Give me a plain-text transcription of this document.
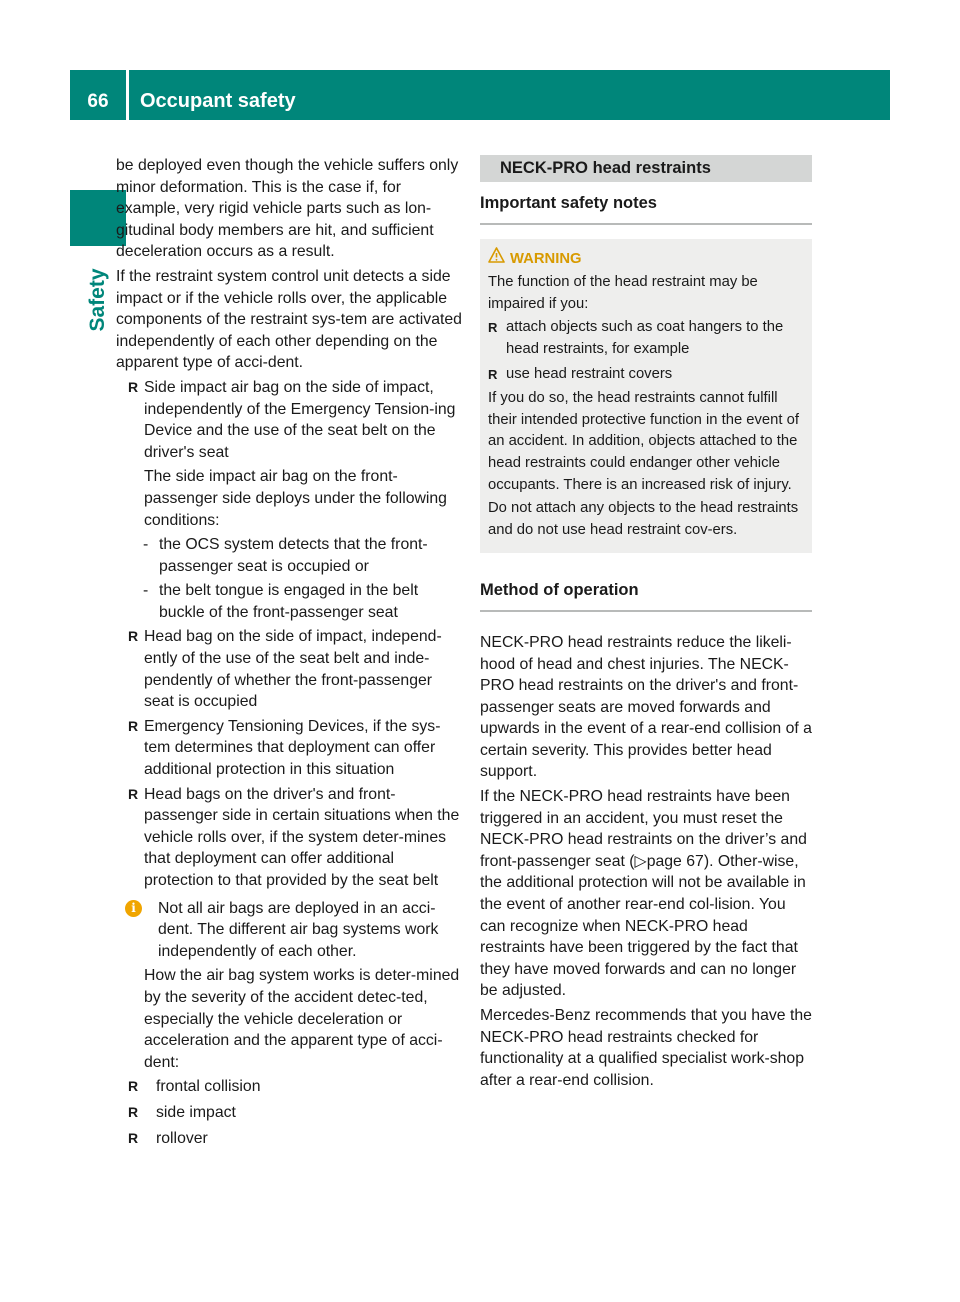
66	Occupant safety
Safety

be deployed even though the vehicle suffers only minor deformation. This is the case if, for example, very rigid vehicle parts such as lon-gitudinal body members are hit, and sufficient deceleration occurs as a result.

If the restraint system control unit detects a side impact or if the vehicle rolls over, the applicable components of the restraint sys-tem are activated independently of each other depending on the apparent type of acci-dent.

R Side impact air bag on the side of impact, independently of the Emergency Tension-ing Device and the use of the seat belt on the driver's seat

The side impact air bag on the front-passenger side deploys under the following conditions:

- the OCS system detects that the front-passenger seat is occupied or
- the belt tongue is engaged in the belt buckle of the front-passenger seat
R Head bag on the side of impact, independ-ently of the use of the seat belt and inde-pendently of whether the front-passenger seat is occupied
R Emergency Tensioning Devices, if the sys-tem determines that deployment can offer additional protection in this situation
R Head bags on the driver's and front-passenger side in certain situations when the vehicle rolls over, if the system deter-mines that deployment can offer additional protection to that provided by the seat belt
i	Not all air bags are deployed in an acci-dent. The different air bag systems work independently of each other.

How the air bag system works is deter-mined by the severity of the accident detec-ted, especially the vehicle deceleration or acceleration and the apparent type of acci-dent:

R frontal collision
R side impact
R rollover
NECK-PRO head restraints
Important safety notes
WARNING

The function of the head restraint may be impaired if you:

R attach objects such as coat hangers to the head restraints, for example
R use head restraint covers

If you do so, the head restraints cannot fulfill their intended protective function in the event of an accident. In addition, objects attached to the head restraints could endanger other vehicle occupants. There is an increased risk of injury.

Do not attach any objects to the head restraints and do not use head restraint cov-ers.

Method of operation

NECK-PRO head restraints reduce the likeli-hood of head and chest injuries. The NECK-PRO head restraints on the driver's and front-passenger seats are moved forwards and upwards in the event of a rear-end collision of a certain severity. This provides better head support.

If the NECK-PRO head restraints have been triggered in an accident, you must reset the NECK-PRO head restraints on the driver’s and front-passenger seat (▷page 67). Other-wise, the additional protection will not be available in the event of another rear-end col-lision. You can recognize when NECK-PRO head restraints have been triggered by the fact that they have moved forwards and can no longer be adjusted.

Mercedes-Benz recommends that you have the NECK-PRO head restraints checked for functionality at a qualified specialist work-shop after a rear-end collision.
